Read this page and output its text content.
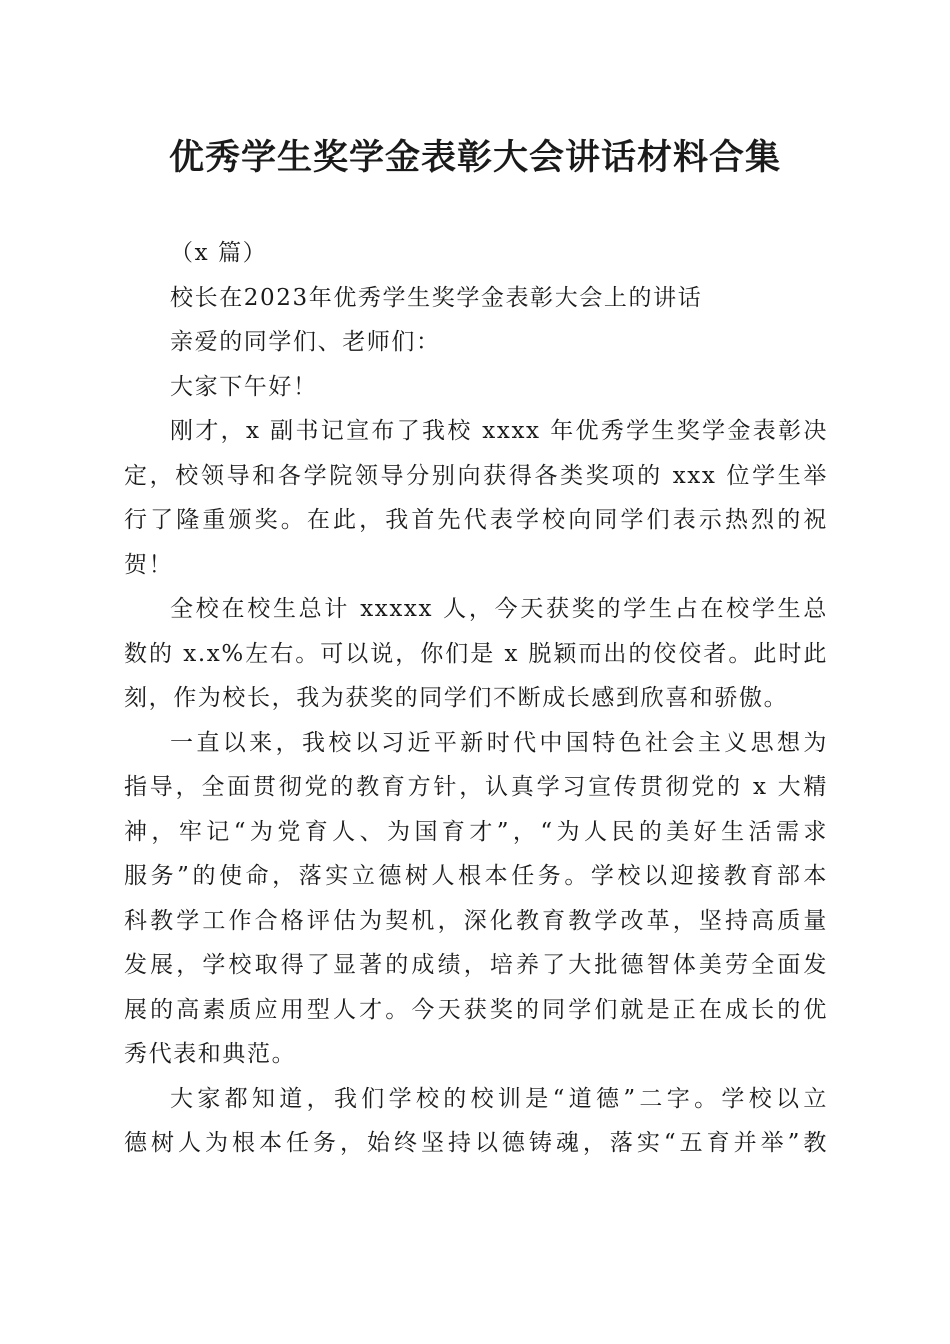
优秀学生奖学金表彰大会讲话材料合集
（x 篇）
校长在2023年优秀学生奖学金表彰大会上的讲话
亲爱的同学们、老师们：
大家下午好！
刚才，x 副书记宣布了我校 xxxx 年优秀学生奖学金表彰决
定，校领导和各学院领导分别向获得各类奖项的 xxx 位学生举
行了隆重颁奖。在此，我首先代表学校向同学们表示热烈的祝
贺！
全校在校生总计 xxxxx 人，今天获奖的学生占在校学生总
数的 x.x%左右。可以说，你们是 x 脱颖而出的佼佼者。此时此
刻，作为校长，我为获奖的同学们不断成长感到欣喜和骄傲。
一直以来，我校以习近平新时代中国特色社会主义思想为
指导，全面贯彻党的教育方针，认真学习宣传贯彻党的 x 大精
神，牢记“为党育人、为国育才”，“为人民的美好生活需求
服务”的使命，落实立德树人根本任务。学校以迎接教育部本
科教学工作合格评估为契机，深化教育教学改革，坚持高质量
发展，学校取得了显著的成绩，培养了大批德智体美劳全面发
展的高素质应用型人才。今天获奖的同学们就是正在成长的优
秀代表和典范。
大家都知道，我们学校的校训是“道德”二字。学校以立
德树人为根本任务，始终坚持以德铸魂，落实“五育并举”教
